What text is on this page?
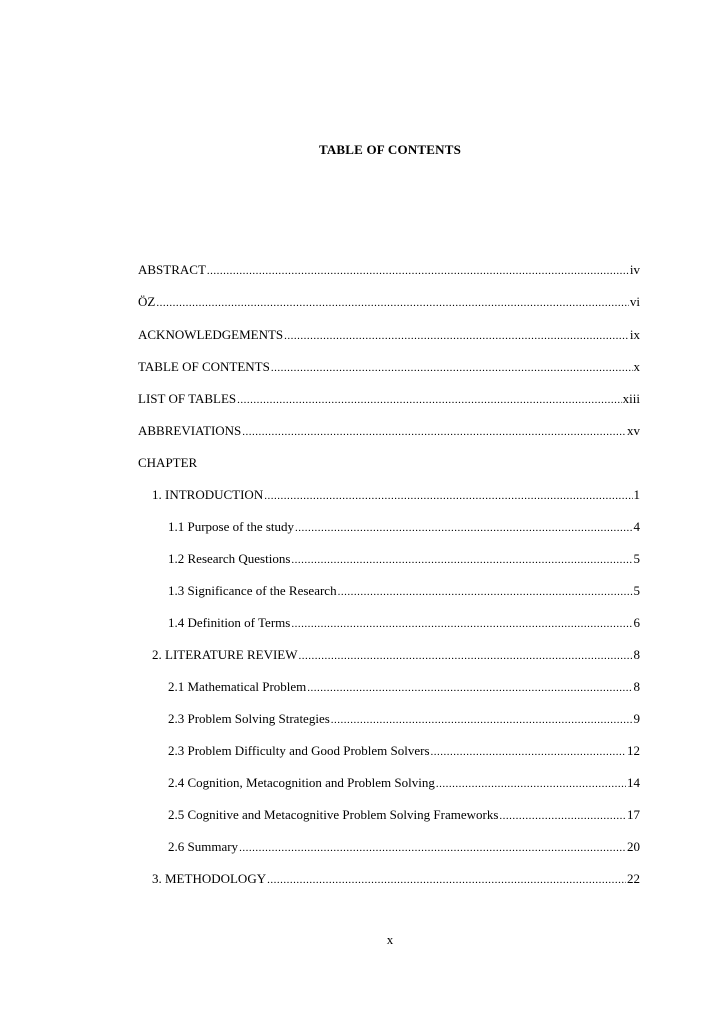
TABLE OF CONTENTS
ABSTRACT .....	iv
ÖZ .....	vi
ACKNOWLEDGEMENTS .....	ix
TABLE OF CONTENTS .....	x
LIST OF TABLES .....	xiii
ABBREVIATIONS .....	xv
CHAPTER
1. INTRODUCTION .....	1
1.1 Purpose of the study .....	4
1.2 Research Questions .....	5
1.3 Significance of the Research .....	5
1.4 Definition of Terms .....	6
2. LITERATURE REVIEW .....	8
2.1 Mathematical Problem .....	8
2.3 Problem Solving Strategies .....	9
2.3 Problem Difficulty and Good Problem Solvers .....	12
2.4 Cognition, Metacognition and Problem Solving .....	14
2.5 Cognitive and Metacognitive Problem Solving Frameworks .....	17
2.6 Summary .....	20
3. METHODOLOGY .....	22
x
